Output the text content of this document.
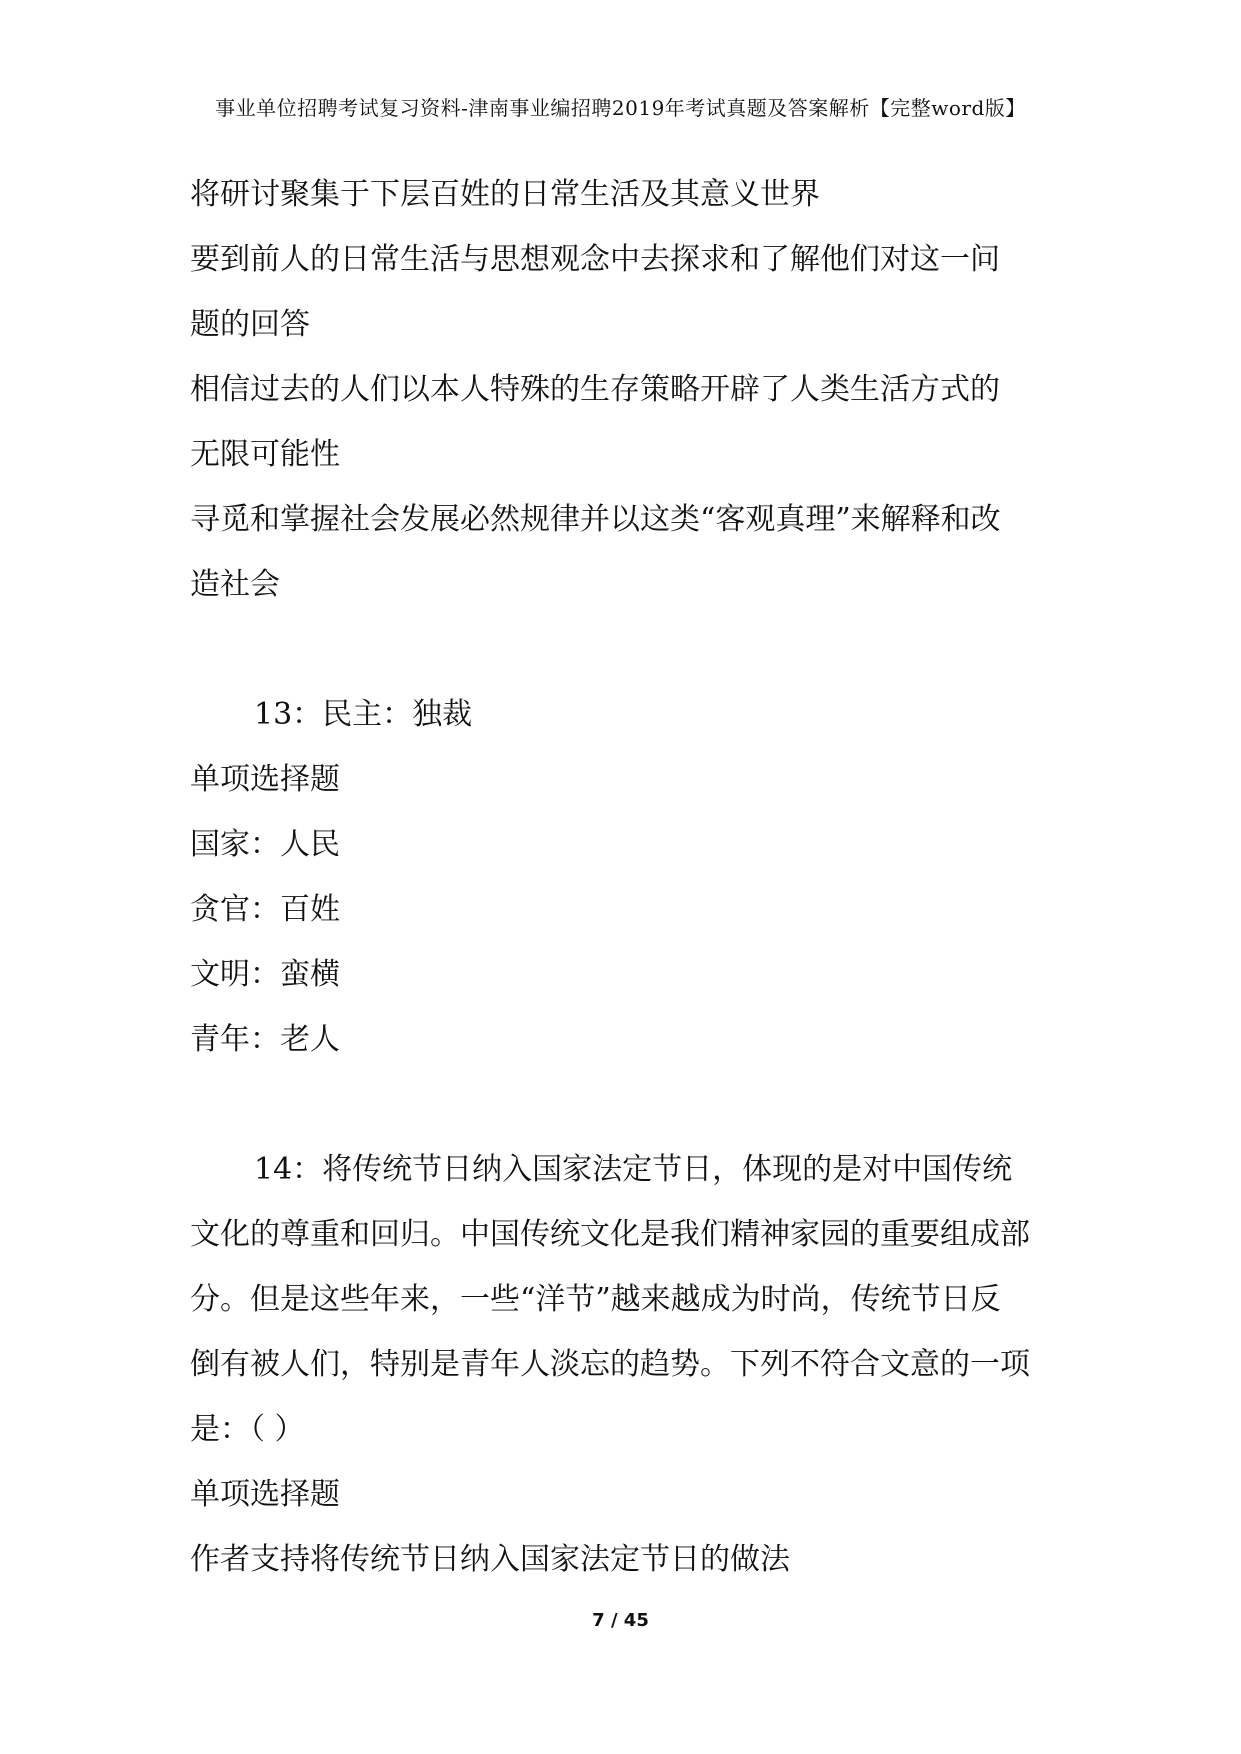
事业单位招聘考试复习资料-津南事业编招聘2019年考试真题及答案解析【完整word版】
将研讨聚集于下层百姓的日常生活及其意义世界
要到前人的日常生活与思想观念中去探求和了解他们对这一问
题的回答
相信过去的人们以本人特殊的生存策略开辟了人类生活方式的
无限可能性
寻觅和掌握社会发展必然规律并以这类“客观真理”来解释和改
造社会
13：民主：独裁
单项选择题
国家：人民
贪官：百姓
文明：蛮横
青年：老人
14：将传统节日纳入国家法定节日，体现的是对中国传统
文化的尊重和回归。中国传统文化是我们精神家园的重要组成部
分。但是这些年来，一些“洋节”越来越成为时尚，传统节日反
倒有被人们，特别是青年人淡忘的趋势。下列不符合文意的一项
是：（ ）
单项选择题
作者支持将传统节日纳入国家法定节日的做法
7 / 45
